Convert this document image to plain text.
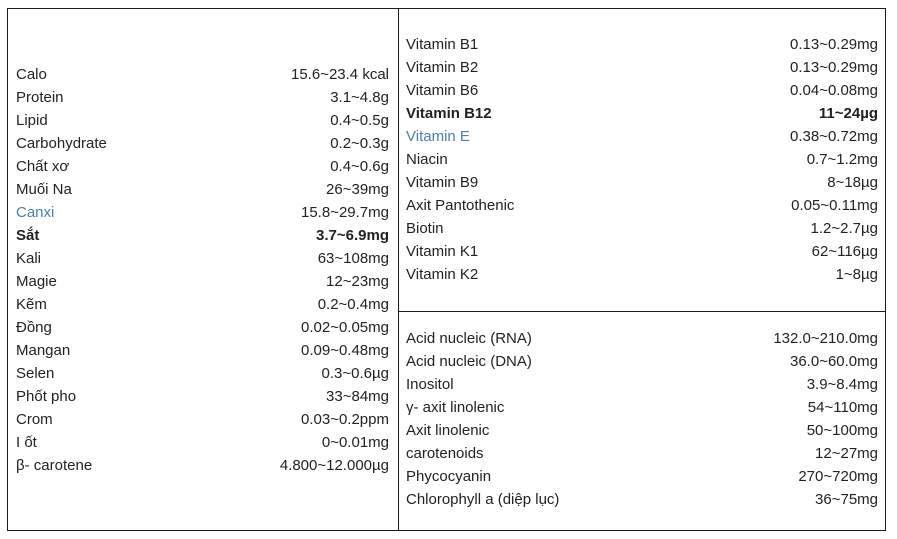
Calo	15.6~23.4 kcal
Protein	3.1~4.8g
Lipid	0.4~0.5g
Carbohydrate	0.2~0.3g
Chất xơ	0.4~0.6g
Muối Na	26~39mg
Canxi	15.8~29.7mg
Sắt	3.7~6.9mg
Kali	63~108mg
Magie	12~23mg
Kẽm	0.2~0.4mg
Đồng	0.02~0.05mg
Mangan	0.09~0.48mg
Selen	0.3~0.6µg
Phốt pho	33~84mg
Crom	0.03~0.2ppm
I ốt	0~0.01mg
β- carotene	4.800~12.000µg
Vitamin B1	0.13~0.29mg
Vitamin B2	0.13~0.29mg
Vitamin B6	0.04~0.08mg
Vitamin B12	11~24µg
Vitamin E	0.38~0.72mg
Niacin	0.7~1.2mg
Vitamin B9	8~18µg
Axit Pantothenic	0.05~0.11mg
Biotin	1.2~2.7µg
Vitamin K1	62~116µg
Vitamin K2	1~8µg
Acid nucleic (RNA)	132.0~210.0mg
Acid nucleic (DNA)	36.0~60.0mg
Inositol	3.9~8.4mg
γ- axit linolenic	54~110mg
Axit linolenic	50~100mg
carotenoids	12~27mg
Phycocyanin	270~720mg
Chlorophyll a (diệp lục)	36~75mg
